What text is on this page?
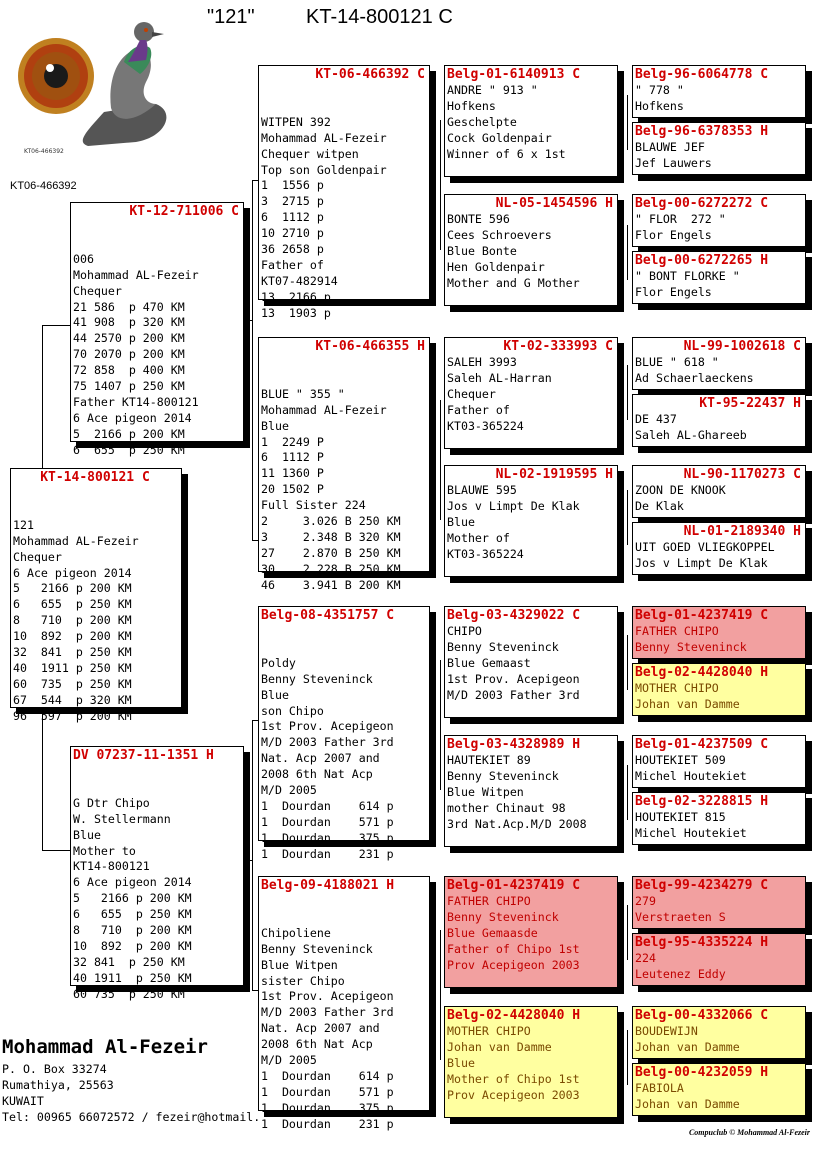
"121"	KT-14-800121 C
KT06-466392
KT06-466392
KT-14-800121 C

121
Mohammad AL-Fezeir
Chequer
6 Ace pigeon 2014
5   2166 p 200 KM
6   655  p 250 KM
8   710  p 200 KM
10  892  p 200 KM
32  841  p 250 KM
40  1911 p 250 KM
60  735  p 250 KM
67  544  p 320 KM
96  597  p 200 KM

KT-12-711006 C

006
Mohammad AL-Fezeir
Chequer
21 586  p 470 KM
41 908  p 320 KM
44 2570 p 200 KM
70 2070 p 200 KM
72 858  p 400 KM
75 1407 p 250 KM
Father KT14-800121
6 Ace pigeon 2014
5  2166 p 200 KM
6  655  p 250 KM

DV 07237-11-1351 H

G Dtr Chipo
W. Stellermann
Blue
Mother to
KT14-800121
6 Ace pigeon 2014
5   2166 p 200 KM
6   655  p 250 KM
8   710  p 200 KM
10  892  p 200 KM
32 841  p 250 KM
40 1911  p 250 KM
60 735  p 250 KM

KT-06-466392 C

WITPEN 392
Mohammad AL-Fezeir
Chequer witpen
Top son Goldenpair
1  1556 p
3  2715 p
6  1112 p
10 2710 p
36 2658 p
Father of
KT07-482914
13  2166 p
13  1903 p

KT-06-466355 H

BLUE " 355 "
Mohammad AL-Fezeir
Blue
1  2249 P
6  1112 P
11 1360 P
20 1502 P
Full Sister 224
2     3.026 B 250 KM
3     2.348 B 320 KM
27    2.870 B 250 KM
30    2.228 B 250 KM
46    3.941 B 200 KM

Belg-08-4351757 C

Poldy
Benny Steveninck
Blue
son Chipo
1st Prov. Acepigeon
M/D 2003 Father 3rd
Nat. Acp 2007 and
2008 6th Nat Acp
M/D 2005
1  Dourdan    614 p
1  Dourdan    571 p
1  Dourdan    375 p
1  Dourdan    231 p

Belg-09-4188021 H

Chipoliene
Benny Steveninck
Blue Witpen
sister Chipo
1st Prov. Acepigeon
M/D 2003 Father 3rd
Nat. Acp 2007 and
2008 6th Nat Acp
M/D 2005
1  Dourdan    614 p
1  Dourdan    571 p
1  Dourdan    375 p
1  Dourdan    231 p

Belg-01-6140913 C
ANDRE " 913 "
Hofkens
Geschelpte
Cock Goldenpair
Winner of 6 x 1st
NL-05-1454596 H
BONTE 596
Cees Schroevers
Blue Bonte
Hen Goldenpair
Mother and G Mother
KT-02-333993 C
SALEH 3993
Saleh AL-Harran
Chequer
Father of
KT03-365224
NL-02-1919595 H
BLAUWE 595
Jos v Limpt De Klak
Blue
Mother of
KT03-365224
Belg-03-4329022 C
CHIPO
Benny Steveninck
Blue Gemaast
1st Prov. Acepigeon
M/D 2003 Father 3rd
Belg-03-4328989 H
HAUTEKIET 89
Benny Steveninck
Blue Witpen
mother Chinaut 98
3rd Nat.Acp.M/D 2008
Belg-01-4237419 C
FATHER CHIPO
Benny Steveninck
Blue Gemaasde
Father of Chipo 1st
Prov Acepigeon 2003
Belg-02-4428040 H
MOTHER CHIPO
Johan van Damme
Blue
Mother of Chipo 1st
Prov Acepigeon 2003
Belg-96-6064778 C
" 778 "
Hofkens
Belg-96-6378353 H
BLAUWE JEF
Jef Lauwers
Belg-00-6272272 C
" FLOR  272 "
Flor Engels
Belg-00-6272265 H
" BONT FLORKE "
Flor Engels
NL-99-1002618 C
BLUE " 618 "
Ad Schaerlaeckens
KT-95-22437 H
DE 437
Saleh AL-Ghareeb
NL-90-1170273 C
ZOON DE KNOOK
De Klak
NL-01-2189340 H
UIT GOED VLIEGKOPPEL
Jos v Limpt De Klak
Belg-01-4237419 C
FATHER CHIPO
Benny Steveninck
Belg-02-4428040 H
MOTHER CHIPO
Johan van Damme
Belg-01-4237509 C
HOUTEKIET 509
Michel Houtekiet
Belg-02-3228815 H
HOUTEKIET 815
Michel Houtekiet
Belg-99-4234279 C
279
Verstraeten S
Belg-95-4335224 H
224
Leutenez Eddy
Belg-00-4332066 C
BOUDEWIJN
Johan van Damme
Belg-00-4232059 H
FABIOLA
Johan van Damme
Mohammad Al-Fezeir
P. O. Box 33274
Rumathiya, 25563
KUWAIT
Tel: 00965 66072572 / fezeir@hotmail.
Compuclub © Mohammad Al-Fezeir
